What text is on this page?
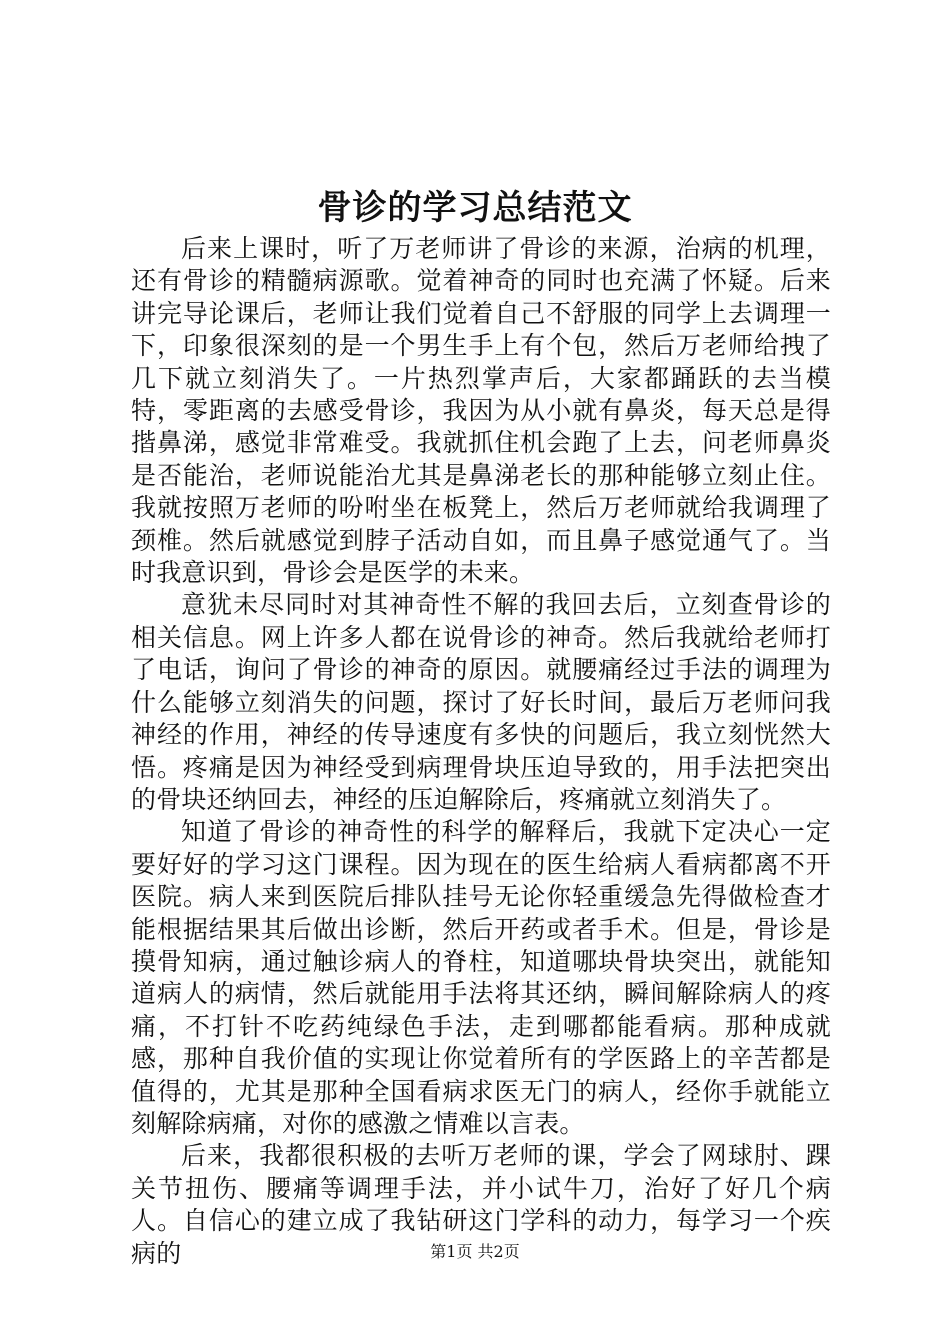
骨诊的学习总结范文

后来上课时，听了万老师讲了骨诊的来源，治病的机理，还有骨诊的精髓病源歌。觉着神奇的同时也充满了怀疑。后来讲完导论课后，老师让我们觉着自己不舒服的同学上去调理一下，印象很深刻的是一个男生手上有个包，然后万老师给拽了几下就立刻消失了。一片热烈掌声后，大家都踊跃的去当模特，零距离的去感受骨诊，我因为从小就有鼻炎，每天总是得揩鼻涕，感觉非常难受。我就抓住机会跑了上去，问老师鼻炎是否能治，老师说能治尤其是鼻涕老长的那种能够立刻止住。我就按照万老师的吩咐坐在板凳上，然后万老师就给我调理了颈椎。然后就感觉到脖子活动自如，而且鼻子感觉通气了。当时我意识到，骨诊会是医学的未来。

意犹未尽同时对其神奇性不解的我回去后，立刻查骨诊的相关信息。网上许多人都在说骨诊的神奇。然后我就给老师打了电话，询问了骨诊的神奇的原因。就腰痛经过手法的调理为什么能够立刻消失的问题，探讨了好长时间，最后万老师问我神经的作用，神经的传导速度有多快的问题后，我立刻恍然大悟。疼痛是因为神经受到病理骨块压迫导致的，用手法把突出的骨块还纳回去，神经的压迫解除后，疼痛就立刻消失了。

知道了骨诊的神奇性的科学的解释后，我就下定决心一定要好好的学习这门课程。因为现在的医生给病人看病都离不开医院。病人来到医院后排队挂号无论你轻重缓急先得做检查才能根据结果其后做出诊断，然后开药或者手术。但是，骨诊是摸骨知病，通过触诊病人的脊柱，知道哪块骨块突出，就能知道病人的病情，然后就能用手法将其还纳，瞬间解除病人的疼痛，不打针不吃药纯绿色手法，走到哪都能看病。那种成就感，那种自我价值的实现让你觉着所有的学医路上的辛苦都是值得的，尤其是那种全国看病求医无门的病人，经你手就能立刻解除病痛，对你的感激之情难以言表。

后来，我都很积极的去听万老师的课，学会了网球肘、踝关节扭伤、腰痛等调理手法，并小试牛刀，治好了好几个病人。自信心的建立成了我钻研这门学科的动力，每学习一个疾病的	第1页 共2页
